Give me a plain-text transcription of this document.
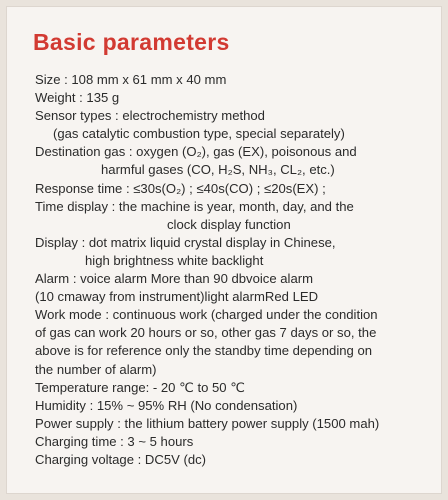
Basic parameters
Size : 108 mm x 61 mm x 40 mm
Weight : 135 g
Sensor types : electrochemistry method
(gas catalytic combustion type, special separately)
Destination gas : oxygen (O₂), gas (EX), poisonous and
harmful gases (CO, H₂S, NH₃, CL₂, etc.)
Response time : ≤30s(O₂) ; ≤40s(CO) ; ≤20s(EX) ;
Time display : the machine is year, month, day, and the
clock display function
Display : dot matrix liquid crystal display in Chinese,
high brightness white backlight
Alarm : voice alarm More than 90 dbvoice alarm
(10 cmaway from instrument)light alarmRed LED
Work mode : continuous work (charged under the condition
of gas can work 20 hours or so, other gas 7 days or so, the
above is for reference only the standby time depending on
the number of alarm)
Temperature range: - 20 ℃ to 50 ℃
Humidity : 15% ~ 95% RH (No condensation)
Power supply : the lithium battery power supply (1500 mah)
Charging time : 3 ~ 5 hours
Charging voltage : DC5V (dc)
